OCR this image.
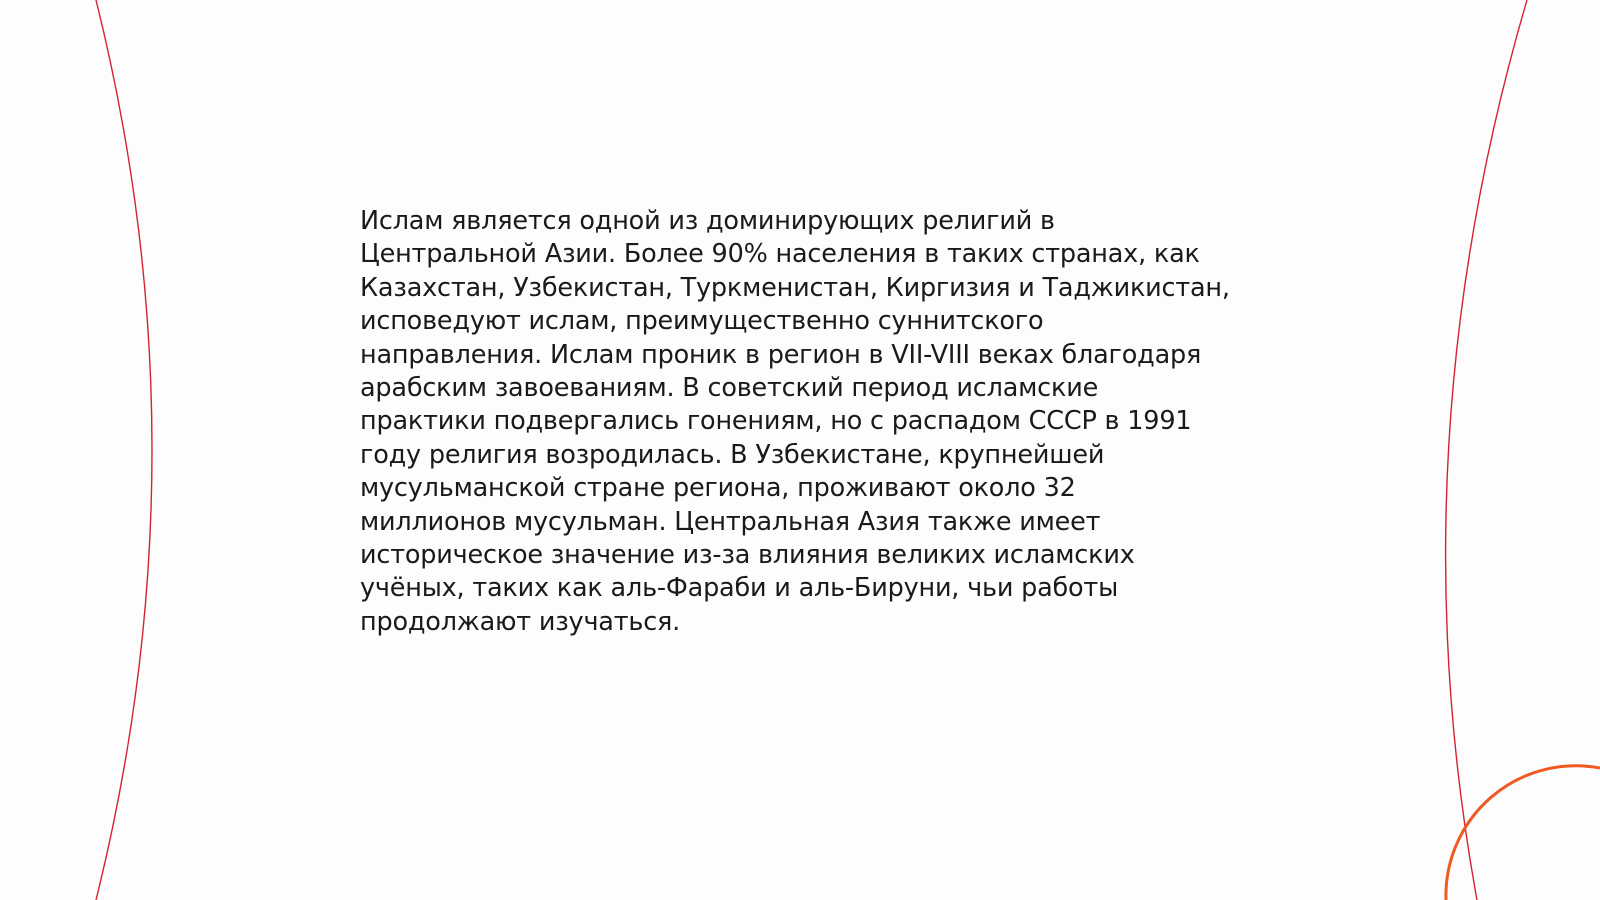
Ислам является одной из доминирующих религий в
Центральной Азии. Более 90% населения в таких странах, как
Казахстан, Узбекистан, Туркменистан, Киргизия и Таджикистан,
исповедуют ислам, преимущественно суннитского
направления. Ислам проник в регион в VII-VIII веках благодаря
арабским завоеваниям. В советский период исламские
практики подвергались гонениям, но с распадом СССР в 1991
году религия возродилась. В Узбекистане, крупнейшей
мусульманской стране региона, проживают около 32
миллионов мусульман. Центральная Азия также имеет
историческое значение из-за влияния великих исламских
учёных, таких как аль-Фараби и аль-Бируни, чьи работы
продолжают изучаться.
